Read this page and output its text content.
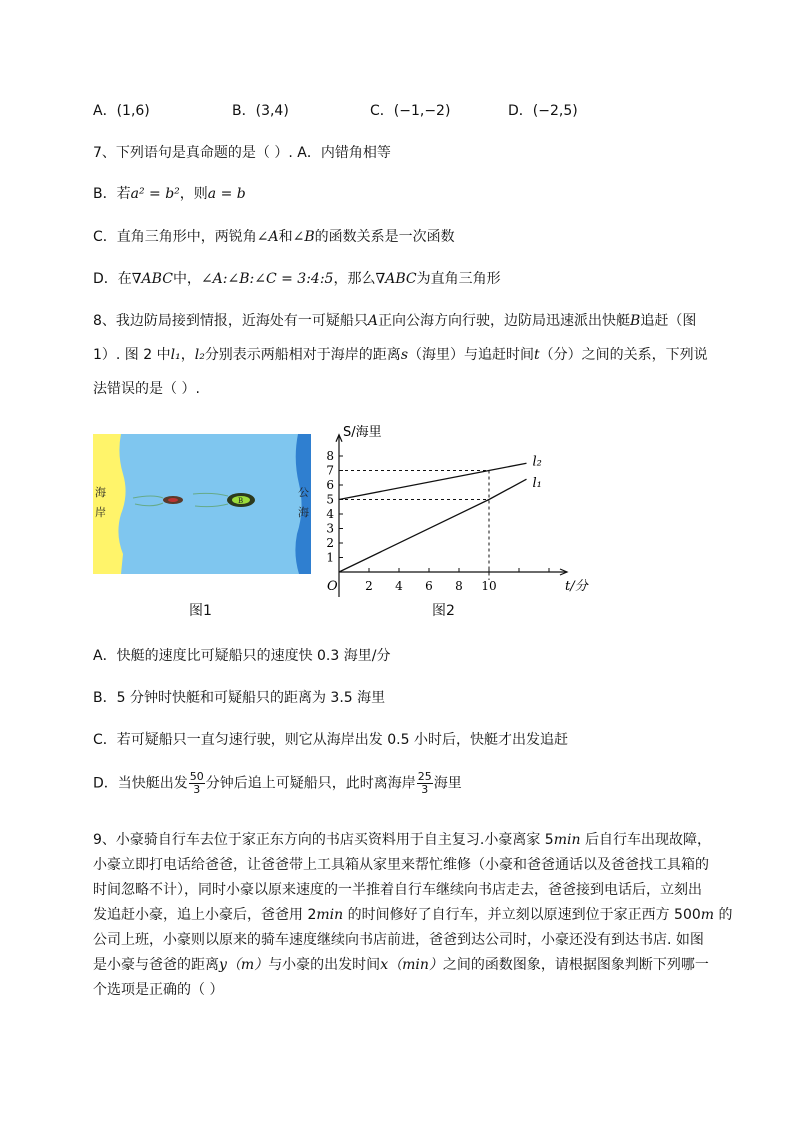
A．(1,6)	B．(3,4)	C．(−1,−2)	D．(−2,5)
7、下列语句是真命题的是（ ）. A．内错角相等
B．若a² = b²，则a = b
C．直角三角形中，两锐角∠A和∠B的函数关系是一次函数
D．在∇ABC中，∠A:∠B:∠C = 3:4:5，那么∇ABC为直角三角形
8、我边防局接到情报，近海处有一可疑船只A正向公海方向行驶，边防局迅速派出快艇B追赶（图
1）. 图 2 中l₁，l₂分别表示两船相对于海岸的距离s（海里）与追赶时间t（分）之间的关系，下列说
法错误的是（ ）.
B
海
岸
公
海
图1
l₂
l₁
2 4 6 8 10
1
2
3
4
5
6
7
8
S/海里
t/分
O
图2
A．快艇的速度比可疑船只的速度快 0.3 海里/分
B．5 分钟时快艇和可疑船只的距离为 3.5 海里
C．若可疑船只一直匀速行驶，则它从海岸出发 0.5 小时后，快艇才出发追赶
D．当快艇出发 $\frac{50}{3}$ 分钟后追上可疑船只，此时离海岸 $\frac{25}{3}$ 海里
9、小豪骑自行车去位于家正东方向的书店买资料用于自主复习.小豪离家 5min 后自行车出现故障，
小豪立即打电话给爸爸，让爸爸带上工具箱从家里来帮忙维修（小豪和爸爸通话以及爸爸找工具箱的
时间忽略不计），同时小豪以原来速度的一半推着自行车继续向书店走去，爸爸接到电话后，立刻出
发追赶小豪，追上小豪后，爸爸用 2min 的时间修好了自行车，并立刻以原速到位于家正西方 500m 的
公司上班，小豪则以原来的骑车速度继续向书店前进，爸爸到达公司时，小豪还没有到达书店. 如图
是小豪与爸爸的距离y（m）与小豪的出发时间x（min）之间的函数图象，请根据图象判断下列哪一
个选项是正确的（ ）
